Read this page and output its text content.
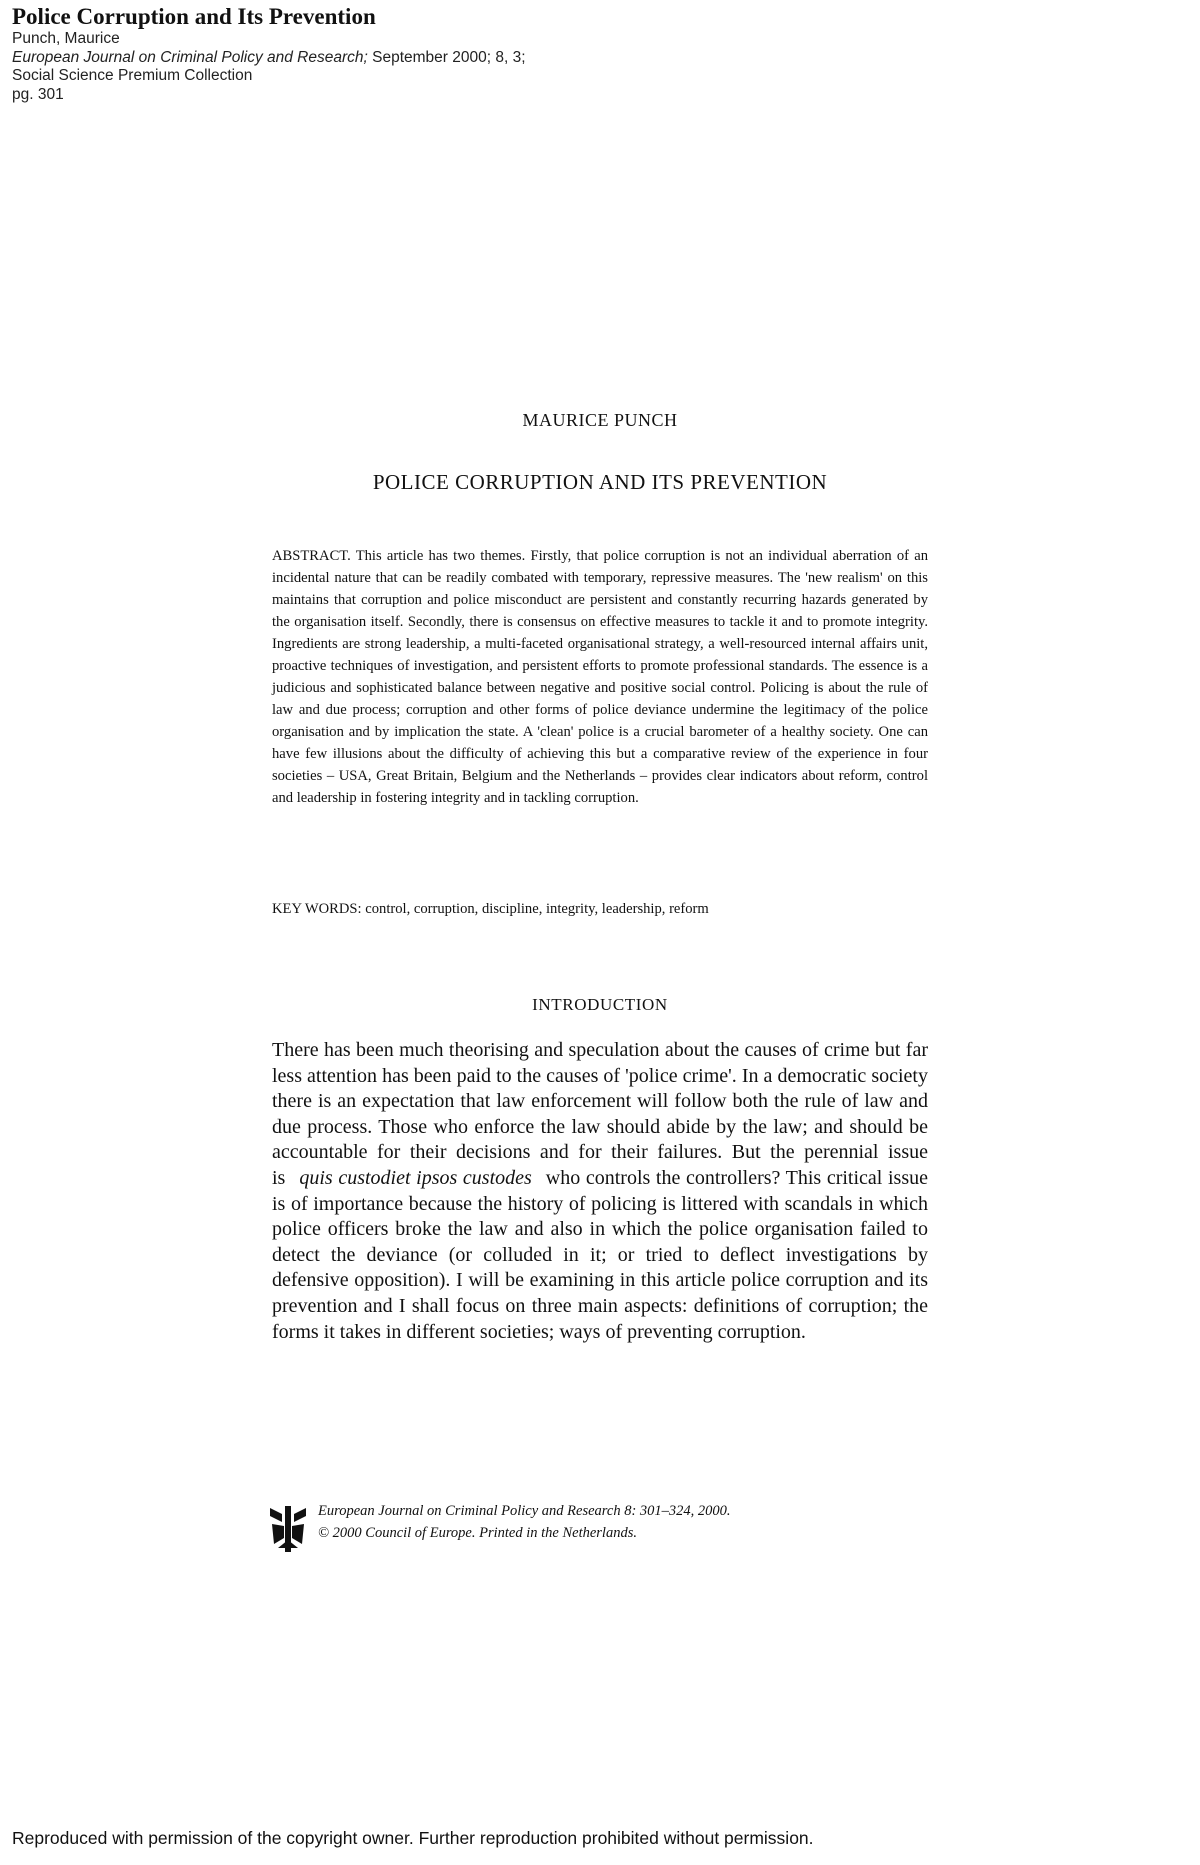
Police Corruption and Its Prevention
Punch, Maurice
European Journal on Criminal Policy and Research; September 2000; 8, 3;
Social Science Premium Collection
pg. 301
MAURICE PUNCH
POLICE CORRUPTION AND ITS PREVENTION

ABSTRACT. This article has two themes. Firstly, that police corruption is not an individual aberration of an incidental nature that can be readily combated with temporary, repressive measures. The 'new realism' on this maintains that corruption and police misconduct are persistent and constantly recurring hazards generated by the organisation itself. Secondly, there is consensus on effective measures to tackle it and to promote integrity. Ingredients are strong leadership, a multi-faceted organisational strategy, a well-resourced internal affairs unit, proactive techniques of investigation, and persistent efforts to promote professional standards. The essence is a judicious and sophisticated balance between negative and positive social control. Policing is about the rule of law and due process; corruption and other forms of police deviance undermine the legitimacy of the police organisation and by implication the state. A 'clean' police is a crucial barometer of a healthy society. One can have few illusions about the difficulty of achieving this but a comparative review of the experience in four societies – USA, Great Britain, Belgium and the Netherlands – provides clear indicators about reform, control and leadership in fostering integrity and in tackling corruption.

KEY WORDS: control, corruption, discipline, integrity, leadership, reform
INTRODUCTION

There has been much theorising and speculation about the causes of crime but far less attention has been paid to the causes of 'police crime'. In a democratic society there is an expectation that law enforcement will follow both the rule of law and due process. Those who enforce the law should abide by the law; and should be accountable for their decisions and for their failures. But the perennial issue is quis custodiet ipsos custodes who controls the controllers? This critical issue is of importance because the history of policing is littered with scandals in which police officers broke the law and also in which the police organisation failed to detect the deviance (or colluded in it; or tried to deflect investigations by defensive opposition). I will be examining in this article police corruption and its prevention and I shall focus on three main aspects: definitions of corruption; the forms it takes in different societies; ways of preventing corruption.

European Journal on Criminal Policy and Research 8: 301–324, 2000.
© 2000 Council of Europe. Printed in the Netherlands.
Reproduced with permission of the copyright owner. Further reproduction prohibited without permission.
